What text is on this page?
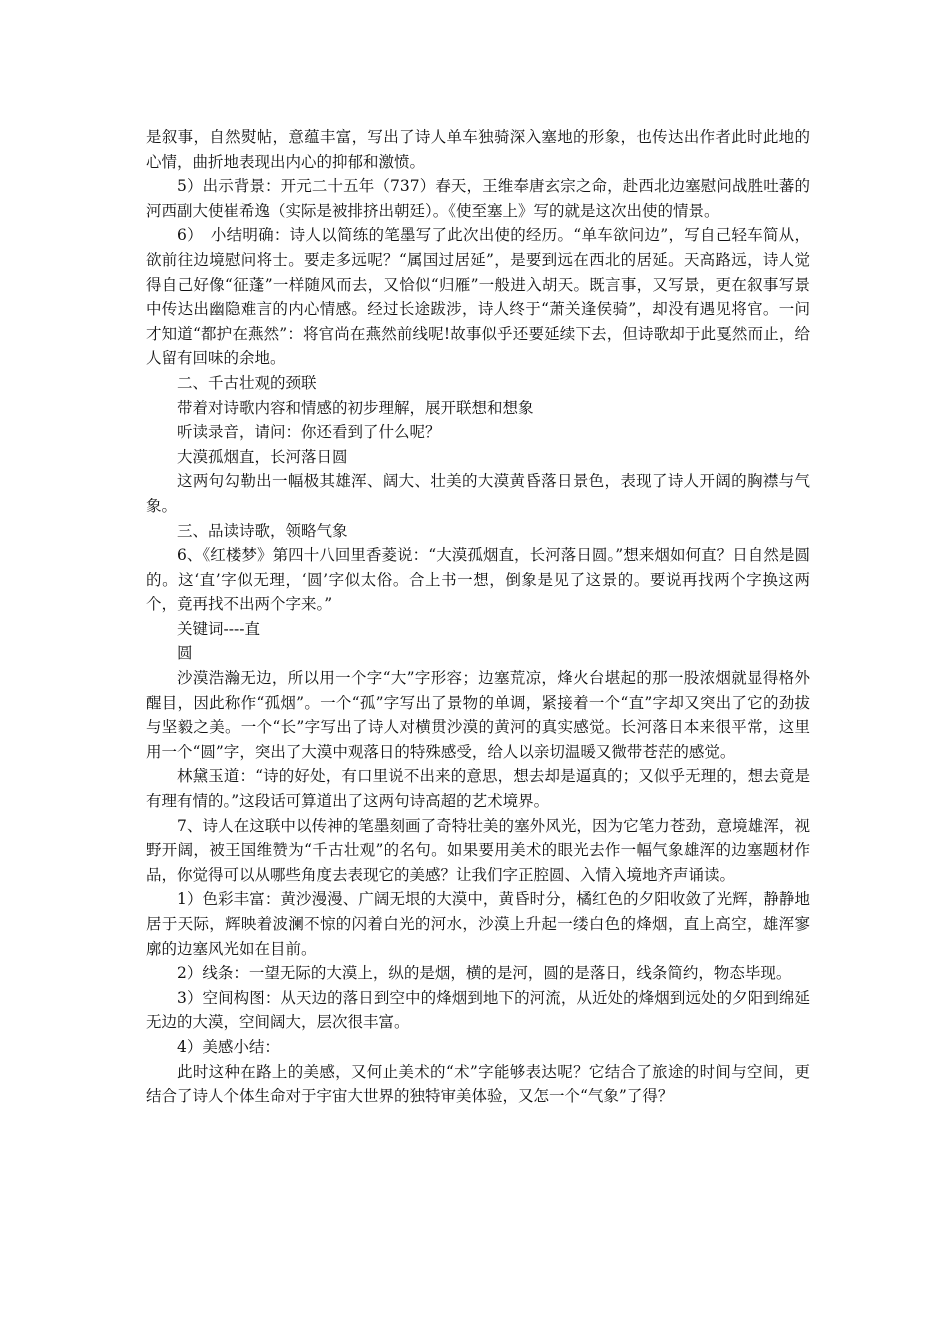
是叙事，自然熨帖，意蕴丰富，写出了诗人单车独骑深入塞地的形象，也传达出作者此时此地的心情，曲折地表现出内心的抑郁和激愤。

5）出示背景：开元二十五年（737）春天，王维奉唐玄宗之命，赴西北边塞慰问战胜吐蕃的河西副大使崔希逸（实际是被排挤出朝廷）。《使至塞上》写的就是这次出使的情景。

6）　小结明确：诗人以简练的笔墨写了此次出使的经历。“单车欲问边”，写自己轻车简从，欲前往边境慰问将士。要走多远呢？“属国过居延”，是要到远在西北的居延。天高路远，诗人觉得自己好像“征蓬”一样随风而去，又恰似“归雁”一般进入胡天。既言事，又写景，更在叙事写景中传达出幽隐难言的内心情感。经过长途跋涉，诗人终于“萧关逢侯骑”，却没有遇见将官。一问才知道“都护在燕然”：将官尚在燕然前线呢!故事似乎还要延续下去，但诗歌却于此戛然而止，给人留有回味的余地。

二、千古壮观的颈联

带着对诗歌内容和情感的初步理解，展开联想和想象

听读录音，请问：你还看到了什么呢？

大漠孤烟直，长河落日圆

这两句勾勒出一幅极其雄浑、阔大、壮美的大漠黄昏落日景色，表现了诗人开阔的胸襟与气象。

三、品读诗歌，领略气象

6、《红楼梦》第四十八回里香菱说：“大漠孤烟直，长河落日圆。”想来烟如何直？日自然是圆的。这‘直’字似无理，‘圆’字似太俗。合上书一想，倒象是见了这景的。要说再找两个字换这两个，竟再找不出两个字来。”

关键词----直

圆

沙漠浩瀚无边，所以用一个字“大”字形容；边塞荒凉，烽火台堪起的那一股浓烟就显得格外醒目，因此称作“孤烟”。一个“孤”字写出了景物的单调，紧接着一个“直”字却又突出了它的劲拔与坚毅之美。一个“长”字写出了诗人对横贯沙漠的黄河的真实感觉。长河落日本来很平常，这里用一个“圆”字，突出了大漠中观落日的特殊感受，给人以亲切温暖又微带苍茫的感觉。

林黛玉道：“诗的好处，有口里说不出来的意思，想去却是逼真的；又似乎无理的，想去竟是有理有情的。”这段话可算道出了这两句诗高超的艺术境界。

7、诗人在这联中以传神的笔墨刻画了奇特壮美的塞外风光，因为它笔力苍劲，意境雄浑，视野开阔，被王国维赞为“千古壮观”的名句。如果要用美术的眼光去作一幅气象雄浑的边塞题材作品，你觉得可以从哪些角度去表现它的美感？让我们字正腔圆、入情入境地齐声诵读。

1）色彩丰富：黄沙漫漫、广阔无垠的大漠中，黄昏时分，橘红色的夕阳收敛了光辉，静静地居于天际，辉映着波澜不惊的闪着白光的河水，沙漠上升起一缕白色的烽烟，直上高空，雄浑寥廓的边塞风光如在目前。

2）线条：一望无际的大漠上，纵的是烟，横的是河，圆的是落日，线条简约，物态毕现。

3）空间构图：从天边的落日到空中的烽烟到地下的河流，从近处的烽烟到远处的夕阳到绵延无边的大漠，空间阔大，层次很丰富。

4）美感小结：

此时这种在路上的美感，又何止美术的“术”字能够表达呢？它结合了旅途的时间与空间，更结合了诗人个体生命对于宇宙大世界的独特审美体验，又怎一个“气象”了得？
